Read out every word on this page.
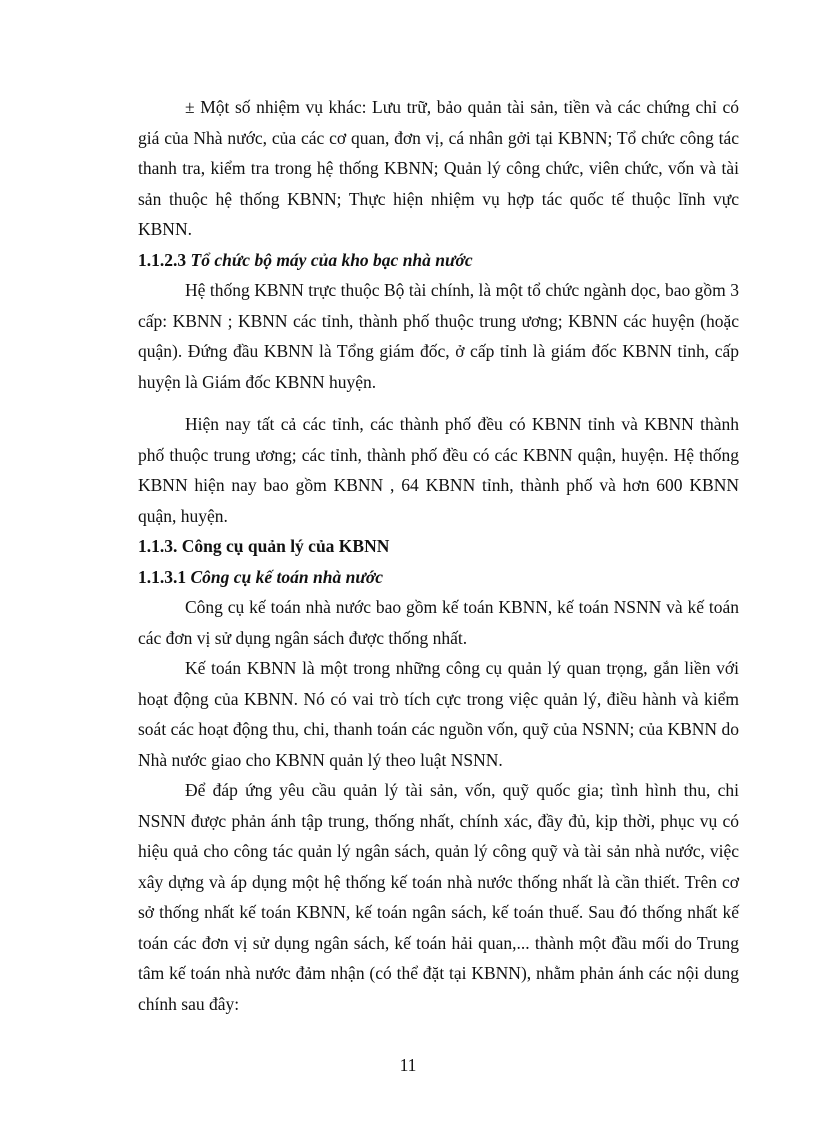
± Một số nhiệm vụ khác: Lưu trữ, bảo quản tài sản, tiền và các chứng chỉ có giá của Nhà nước, của các cơ quan, đơn vị, cá nhân gởi tại KBNN; Tổ chức công tác thanh tra, kiểm tra trong hệ thống KBNN; Quản lý công chức, viên chức, vốn và tài sản thuộc hệ thống KBNN; Thực hiện nhiệm vụ hợp tác quốc tế thuộc lĩnh vực KBNN.

1.1.2.3 Tổ chức bộ máy của kho bạc nhà nước

Hệ thống KBNN trực thuộc Bộ tài chính, là một tổ chức ngành dọc, bao gồm 3 cấp: KBNN ; KBNN các tỉnh, thành phố thuộc trung ương; KBNN các huyện (hoặc quận). Đứng đầu KBNN là Tổng giám đốc, ở cấp tỉnh là giám đốc KBNN tỉnh, cấp huyện là Giám đốc KBNN huyện.

Hiện nay tất cả các tỉnh, các thành phố đều có KBNN tỉnh và KBNN thành phố thuộc trung ương; các tỉnh, thành phố đều có các KBNN quận, huyện. Hệ thống KBNN hiện nay bao gồm KBNN , 64 KBNN tỉnh, thành phố và hơn 600 KBNN quận, huyện.

1.1.3. Công cụ quản lý của KBNN

1.1.3.1 Công cụ kế toán nhà nước

Công cụ kế toán nhà nước bao gồm kế toán KBNN, kế toán NSNN và kế toán các đơn vị sử dụng ngân sách được thống nhất.

Kế toán KBNN là một trong những công cụ quản lý quan trọng, gắn liền với hoạt động của KBNN. Nó có vai trò tích cực trong việc quản lý, điều hành và kiểm soát các hoạt động thu, chi, thanh toán các nguồn vốn, quỹ của NSNN; của KBNN do Nhà nước giao cho KBNN quản lý theo luật NSNN.

Để đáp ứng yêu cầu quản lý tài sản, vốn, quỹ quốc gia; tình hình thu, chi NSNN được phản ánh tập trung, thống nhất, chính xác, đầy đủ, kịp thời, phục vụ có hiệu quả cho công tác quản lý ngân sách, quản lý công quỹ và tài sản nhà nước, việc xây dựng và áp dụng một hệ thống kế toán nhà nước thống nhất là cần thiết. Trên cơ sở thống nhất kế toán KBNN, kế toán ngân sách, kế toán thuế. Sau đó thống nhất kế toán các đơn vị sử dụng ngân sách, kế toán hải quan,... thành một đầu mối do Trung tâm kế toán nhà nước đảm nhận (có thể đặt tại KBNN), nhằm phản ánh các nội dung chính sau đây:

11
